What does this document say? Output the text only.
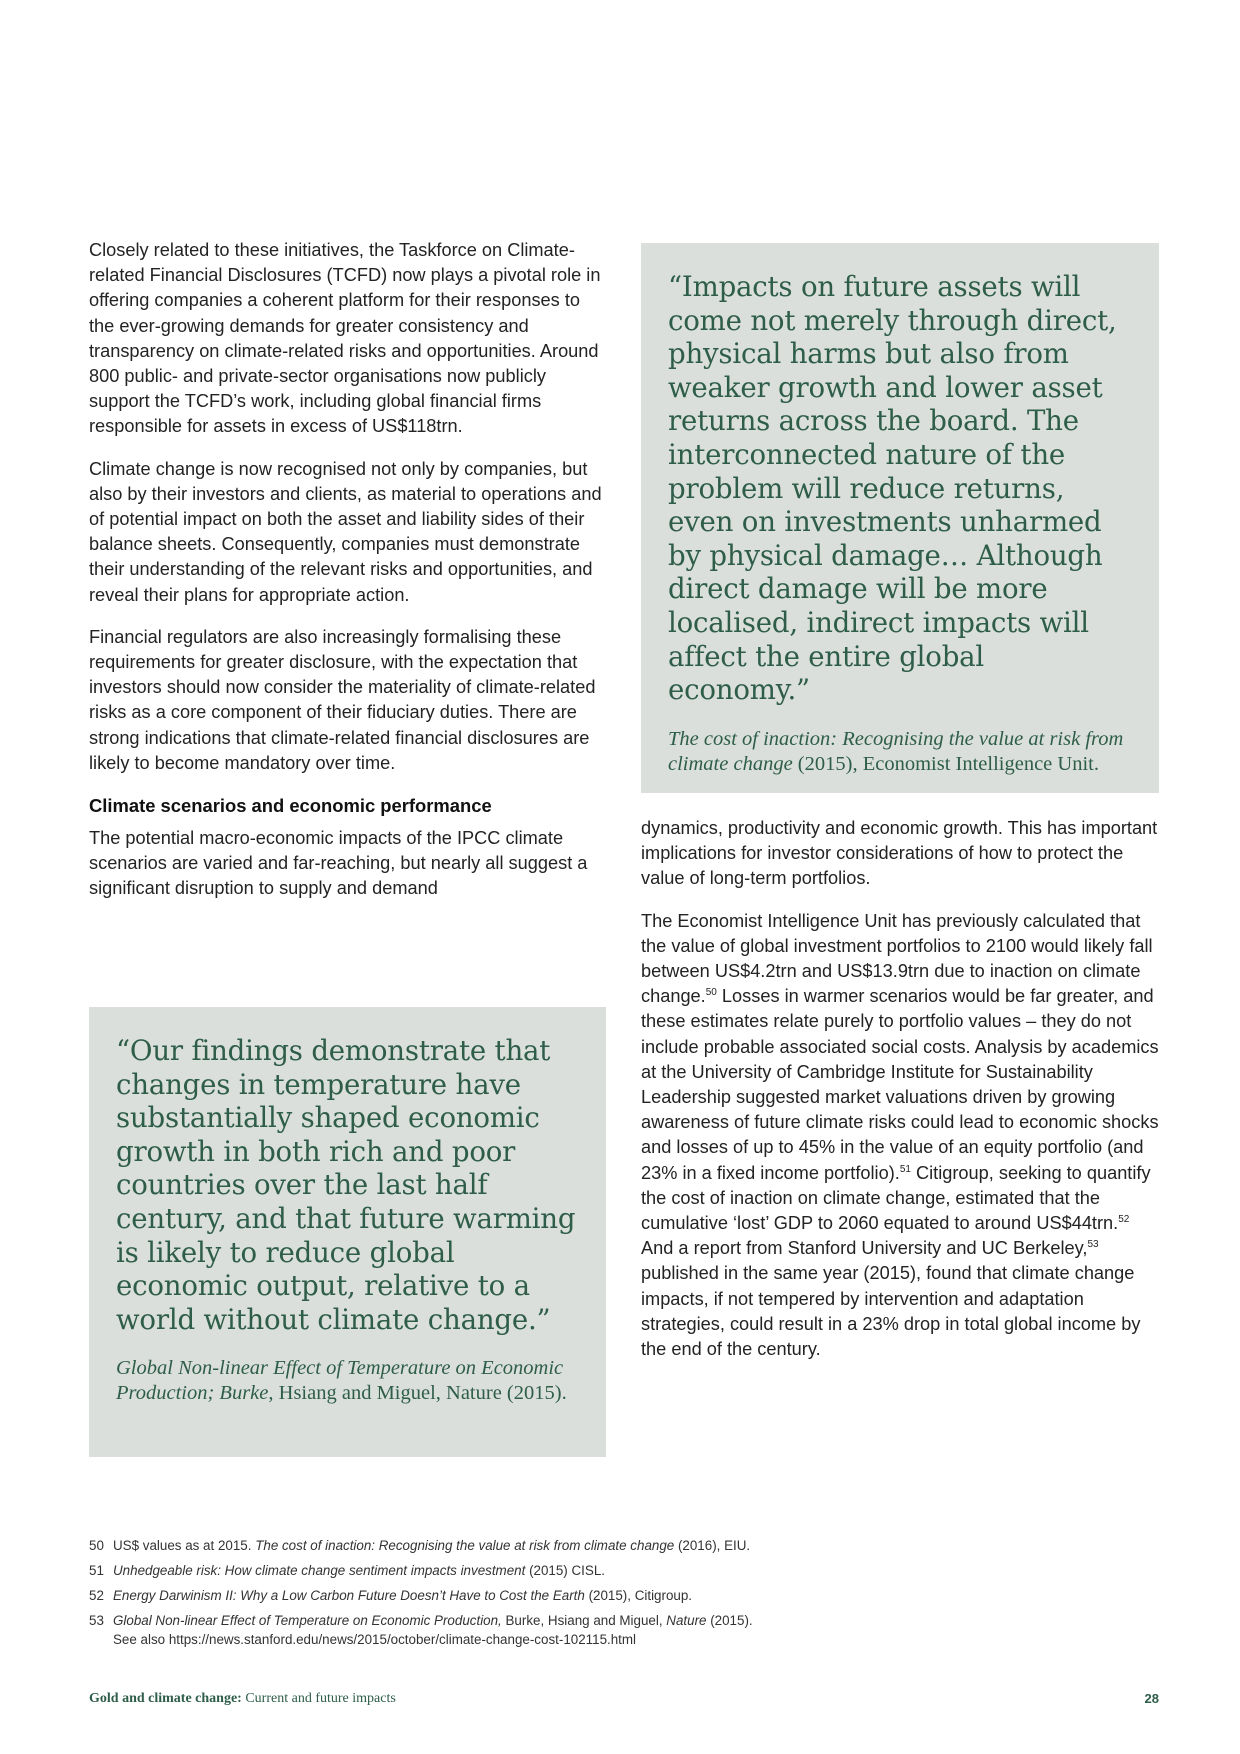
Closely related to these initiatives, the Taskforce on Climate-related Financial Disclosures (TCFD) now plays a pivotal role in offering companies a coherent platform for their responses to the ever-growing demands for greater consistency and transparency on climate-related risks and opportunities. Around 800 public- and private-sector organisations now publicly support the TCFD’s work, including global financial firms responsible for assets in excess of US$118trn.

Climate change is now recognised not only by companies, but also by their investors and clients, as material to operations and of potential impact on both the asset and liability sides of their balance sheets. Consequently, companies must demonstrate their understanding of the relevant risks and opportunities, and reveal their plans for appropriate action.

Financial regulators are also increasingly formalising these requirements for greater disclosure, with the expectation that investors should now consider the materiality of climate-related risks as a core component of their fiduciary duties. There are strong indications that climate-related financial disclosures are likely to become mandatory over time.

Climate scenarios and economic performance

The potential macro-economic impacts of the IPCC climate scenarios are varied and far-reaching, but nearly all suggest a significant disruption to supply and demand

“Impacts on future assets will come not merely through direct, physical harms but also from weaker growth and lower asset returns across the board. The interconnected nature of the problem will reduce returns, even on investments unharmed by physical damage… Although direct damage will be more localised, indirect impacts will affect the entire global economy.”

The cost of inaction: Recognising the value at risk from climate change (2015), Economist Intelligence Unit.

“Our findings demonstrate that changes in temperature have substantially shaped economic growth in both rich and poor countries over the last half century, and that future warming is likely to reduce global economic output, relative to a world without climate change.”

Global Non-linear Effect of Temperature on Economic Production; Burke, Hsiang and Miguel, Nature (2015).

dynamics, productivity and economic growth. This has important implications for investor considerations of how to protect the value of long-term portfolios.

The Economist Intelligence Unit has previously calculated that the value of global investment portfolios to 2100 would likely fall between US$4.2trn and US$13.9trn due to inaction on climate change.$^{50}$ Losses in warmer scenarios would be far greater, and these estimates relate purely to portfolio values – they do not include probable associated social costs. Analysis by academics at the University of Cambridge Institute for Sustainability Leadership suggested market valuations driven by growing awareness of future climate risks could lead to economic shocks and losses of up to 45% in the value of an equity portfolio (and 23% in a fixed income portfolio).$^{51}$ Citigroup, seeking to quantify the cost of inaction on climate change, estimated that the cumulative ‘lost’ GDP to 2060 equated to around US$44trn.$^{52}$ And a report from Stanford University and UC Berkeley,$^{53}$ published in the same year (2015), found that climate change impacts, if not tempered by intervention and adaptation strategies, could result in a 23% drop in total global income by the end of the century.

50 US$ values as at 2015. The cost of inaction: Recognising the value at risk from climate change (2016), EIU.
51 Unhedgeable risk: How climate change sentiment impacts investment (2015) CISL.
52 Energy Darwinism II: Why a Low Carbon Future Doesn’t Have to Cost the Earth (2015), Citigroup.
53 Global Non-linear Effect of Temperature on Economic Production, Burke, Hsiang and Miguel, Nature (2015).
See also https://news.stanford.edu/news/2015/october/climate-change-cost-102115.html
Gold and climate change: Current and future impacts	28
